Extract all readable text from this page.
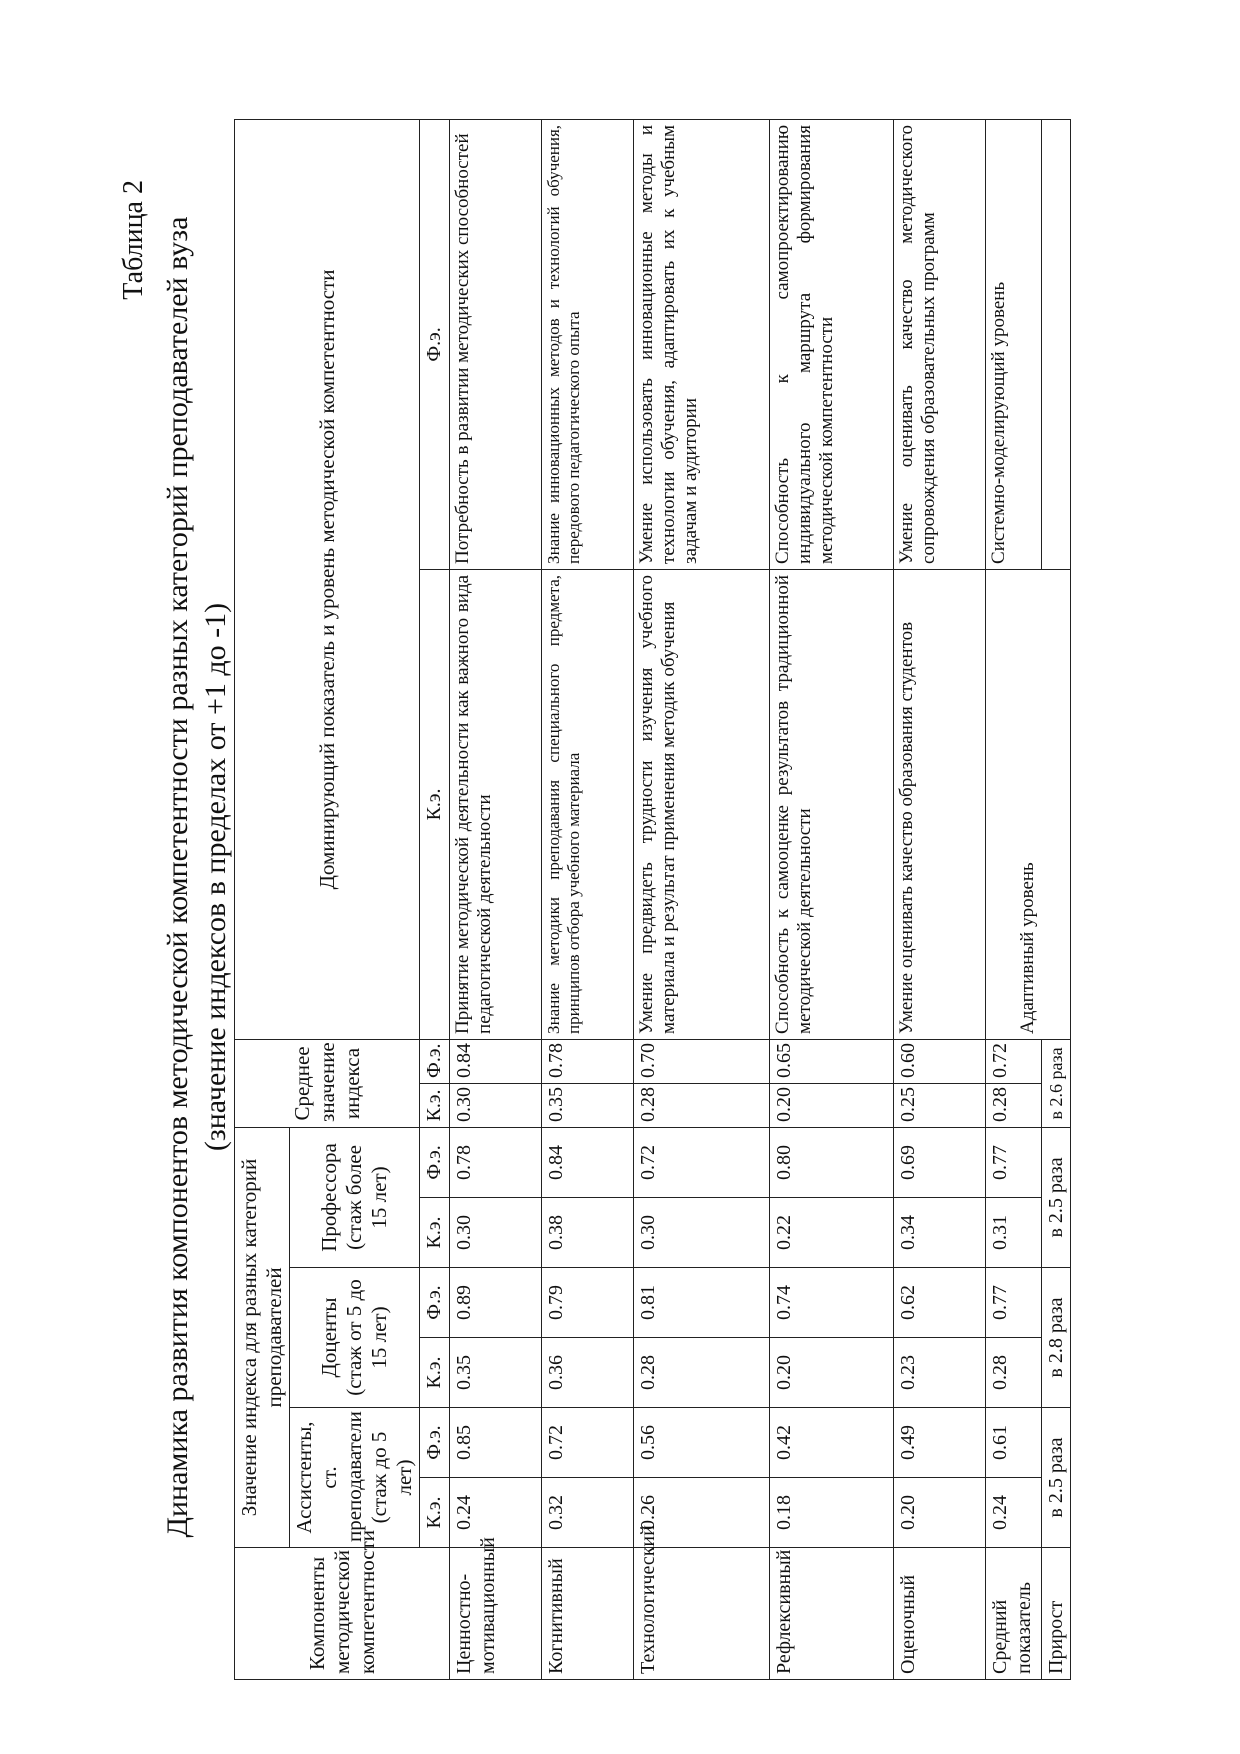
Таблица 2 Динамика развития компонентов методической компетентности разных категорий преподавателей вуза (значение индексов в пределах от +1 до -1)
Компоненты методической компетентности	Значение индекса для разных категорий преподавателей						Среднее значение индекса		Доминирующий показатель и уровень методической компетентности	
	Ассистенты, ст. преподаватели (стаж до 5 лет)		Доценты (стаж от 5 до 15 лет)		Профессора (стаж более 15 лет)					
	К.э.	Ф.э.	К.э.	Ф.э.	К.э.	Ф.э.	К.э.	Ф.э.	К.э.	Ф.э.
Ценностно-мотивационный	0.24	0.85	0.35	0.89	0.30	0.78	0.30	0.84	Принятие методической деятельности как важного вида педагогической деятельности	Потребность в развитии методических способностей
Когнитивный	0.32	0.72	0.36	0.79	0.38	0.84	0.35	0.78	Знание методики преподавания специального предмета, принципов отбора учебного материала	Знание инновационных методов и технологий обучения, передового педагогического опыта
Технологический	0.26	0.56	0.28	0.81	0.30	0.72	0.28	0.70	Умение предвидеть трудности изучения учебного материала и результат применения методик обучения	Умение использовать инновационные методы и технологии обучения, адаптировать их к учебным задачам и аудитории
Рефлексивный	0.18	0.42	0.20	0.74	0.22	0.80	0.20	0.65	Способность к самооценке результатов традиционной методической деятельности	Способность к самопроектированию индивидуального маршрута формирования методической компетентности
Оценочный	0.20	0.49	0.23	0.62	0.34	0.69	0.25	0.60	Умение оценивать качество образования студентов	Умение оценивать качество методического сопровождения образовательных программ
Средний показатель	0.24	0.61	0.28	0.77	0.31	0.77	0.28	0.72	Адаптивный уровень	Системно-моделирующий уровень
Прирост	в 2.5 раза		в 2.8 раза		в 2.5 раза		в 2.6 раза			
